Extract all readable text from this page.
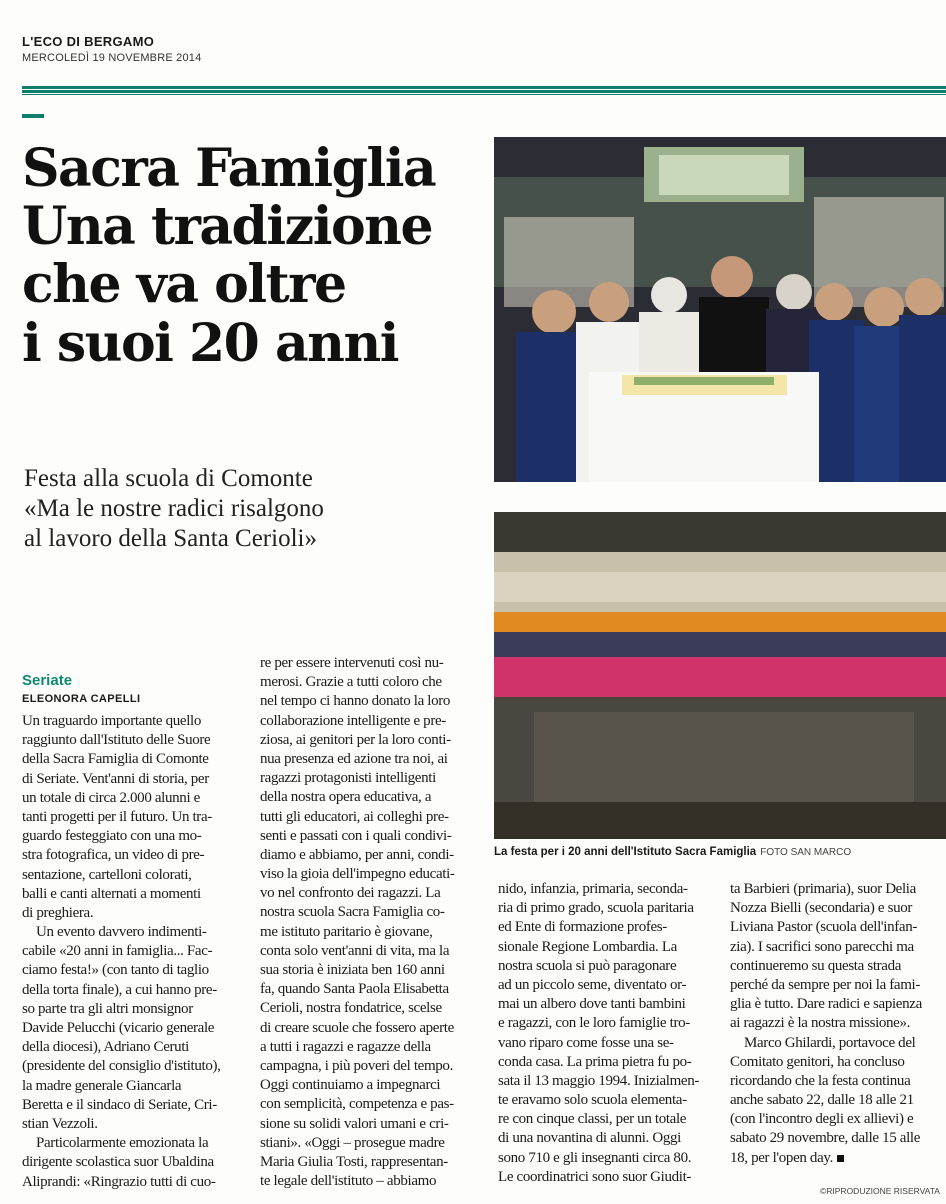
L'ECO DI BERGAMO
MERCOLEDÌ 19 NOVEMBRE 2014
Sacra Famiglia
Una tradizione
che va oltre
i suoi 20 anni
Festa alla scuola di Comonte
«Ma le nostre radici risalgono
al lavoro della Santa Cerioli»
La festa per i 20 anni dell'Istituto Sacra Famiglia FOTO SAN MARCO
Seriate
ELEONORA CAPELLI
Un traguardo importante quello
raggiunto dall'Istituto delle Suore
della Sacra Famiglia di Comonte
di Seriate. Vent'anni di storia, per
un totale di circa 2.000 alunni e
tanti progetti per il futuro. Un tra-
guardo festeggiato con una mo-
stra fotografica, un video di pre-
sentazione, cartelloni colorati,
balli e canti alternati a momenti
di preghiera.
Un evento davvero indimenti-
cabile «20 anni in famiglia... Fac-
ciamo festa!» (con tanto di taglio
della torta finale), a cui hanno pre-
so parte tra gli altri monsignor
Davide Pelucchi (vicario generale
della diocesi), Adriano Ceruti
(presidente del consiglio d'istituto),
la madre generale Giancarla
Beretta e il sindaco di Seriate, Cri-
stian Vezzoli.
Particolarmente emozionata la
dirigente scolastica suor Ubaldina
Aliprandi: «Ringrazio tutti di cuo-
re per essere intervenuti così nu-
merosi. Grazie a tutti coloro che
nel tempo ci hanno donato la loro
collaborazione intelligente e pre-
ziosa, ai genitori per la loro conti-
nua presenza ed azione tra noi, ai
ragazzi protagonisti intelligenti
della nostra opera educativa, a
tutti gli educatori, ai colleghi pre-
senti e passati con i quali condivi-
diamo e abbiamo, per anni, condi-
viso la gioia dell'impegno educati-
vo nel confronto dei ragazzi. La
nostra scuola Sacra Famiglia co-
me istituto paritario è giovane,
conta solo vent'anni di vita, ma la
sua storia è iniziata ben 160 anni
fa, quando Santa Paola Elisabetta
Cerioli, nostra fondatrice, scelse
di creare scuole che fossero aperte
a tutti i ragazzi e ragazze della
campagna, i più poveri del tempo.
Oggi continuiamo a impegnarci
con semplicità, competenza e pas-
sione su solidi valori umani e cri-
stiani». «Oggi – prosegue madre
Maria Giulia Tosti, rappresentan-
te legale dell'istituto – abbiamo
nido, infanzia, primaria, seconda-
ria di primo grado, scuola paritaria
ed Ente di formazione profes-
sionale Regione Lombardia. La
nostra scuola si può paragonare
ad un piccolo seme, diventato or-
mai un albero dove tanti bambini
e ragazzi, con le loro famiglie tro-
vano riparo come fosse una se-
conda casa. La prima pietra fu po-
sata il 13 maggio 1994. Inizialmen-
te eravamo solo scuola elementa-
re con cinque classi, per un totale
di una novantina di alunni. Oggi
sono 710 e gli insegnanti circa 80.
Le coordinatrici sono suor Giudit-
ta Barbieri (primaria), suor Delia
Nozza Bielli (secondaria) e suor
Liviana Pastor (scuola dell'infan-
zia). I sacrifici sono parecchi ma
continueremo su questa strada
perché da sempre per noi la fami-
glia è tutto. Dare radici e sapienza
ai ragazzi è la nostra missione».
Marco Ghilardi, portavoce del
Comitato genitori, ha concluso
ricordando che la festa continua
anche sabato 22, dalle 18 alle 21
(con l'incontro degli ex allievi) e
sabato 29 novembre, dalle 15 alle
18, per l'open day.
©RIPRODUZIONE RISERVATA
